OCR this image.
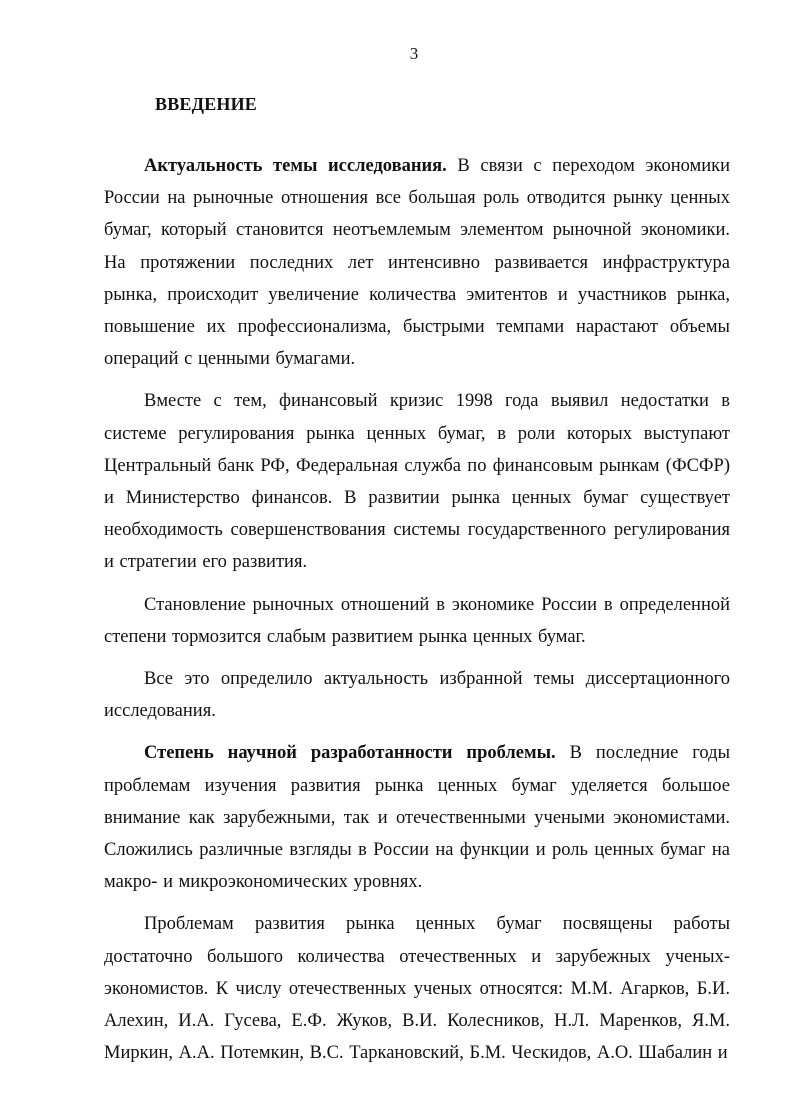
3
ВВЕДЕНИЕ

Актуальность темы исследования. В связи с переходом экономики России на рыночные отношения все большая роль отводится рынку ценных бумаг, который становится неотъемлемым элементом рыночной экономики. На протяжении последних лет интенсивно развивается инфраструктура рынка, происходит увеличение количества эмитентов и участников рынка, повышение их профессионализма, быстрыми темпами нарастают объемы операций с ценными бумагами.

Вместе с тем, финансовый кризис 1998 года выявил недостатки в системе регулирования рынка ценных бумаг, в роли которых выступают Центральный банк РФ, Федеральная служба по финансовым рынкам (ФСФР) и Министерство финансов. В развитии рынка ценных бумаг существует необходимость совершенствования системы государственного регулирования и стратегии его развития.

Становление рыночных отношений в экономике России в определенной степени тормозится слабым развитием рынка ценных бумаг.

Все это определило актуальность избранной темы диссертационного исследования.

Степень научной разработанности проблемы. В последние годы проблемам изучения развития рынка ценных бумаг уделяется большое внимание как зарубежными, так и отечественными учеными экономистами. Сложились различные взгляды в России на функции и роль ценных бумаг на макро- и микроэкономических уровнях.

Проблемам развития рынка ценных бумаг посвящены работы достаточно большого количества отечественных и зарубежных ученых-экономистов. К числу отечественных ученых относятся: М.М. Агарков, Б.И. Алехин, И.А. Гусева, Е.Ф. Жуков, В.И. Колесников, Н.Л. Маренков, Я.М. Миркин, А.А. Потемкин, В.С. Таркановский, Б.М. Ческидов, А.О. Шабалин и
